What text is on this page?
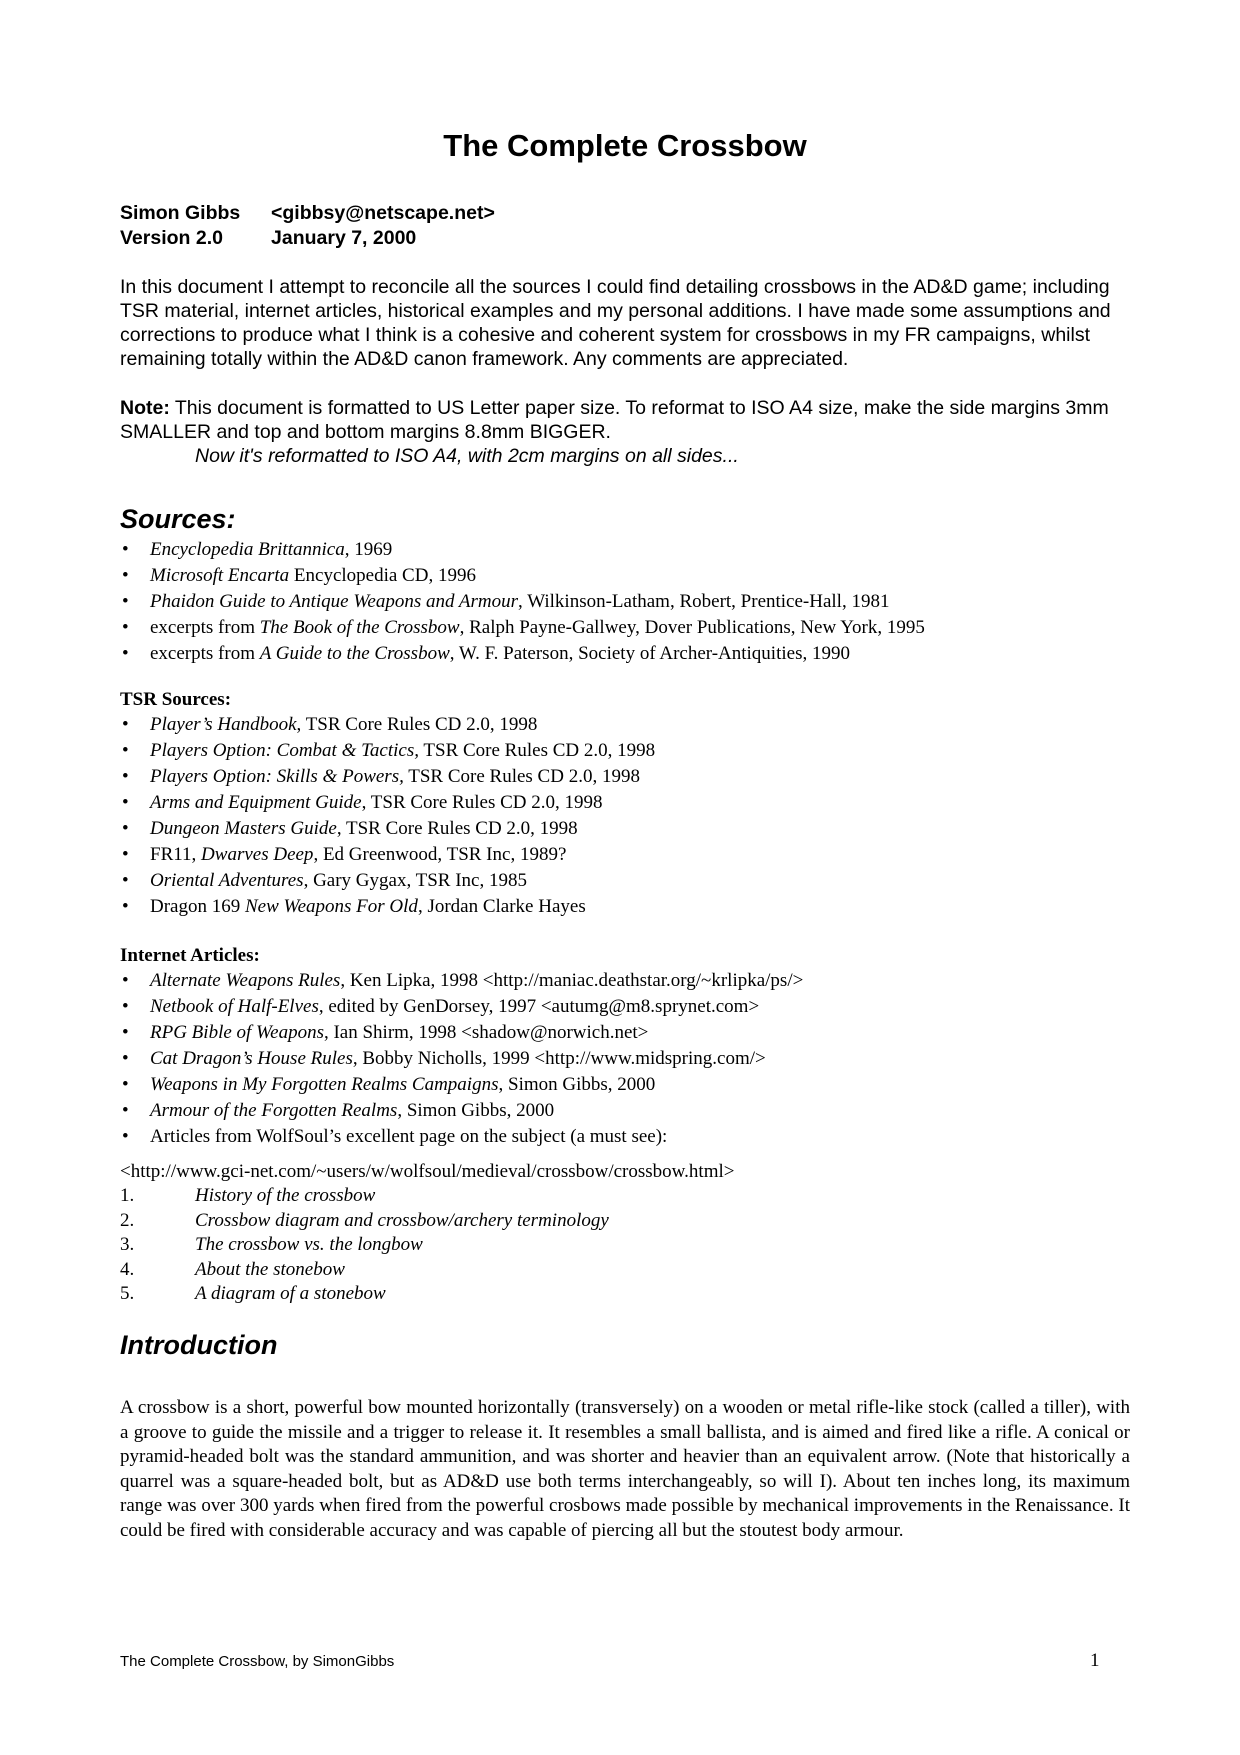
The Complete Crossbow
Simon Gibbs <gibbsy@netscape.net>
Version 2.0 January 7, 2000

In this document I attempt to reconcile all the sources I could find detailing crossbows in the AD&D game; including TSR material, internet articles, historical examples and my personal additions. I have made some assumptions and corrections to produce what I think is a cohesive and coherent system for crossbows in my FR campaigns, whilst remaining totally within the AD&D canon framework. Any comments are appreciated.

Note: This document is formatted to US Letter paper size. To reformat to ISO A4 size, make the side margins 3mm SMALLER and top and bottom margins 8.8mm BIGGER.
Now it's reformatted to ISO A4, with 2cm margins on all sides...

Sources:
• Encyclopedia Brittannica, 1969
• Microsoft Encarta Encyclopedia CD, 1996
• Phaidon Guide to Antique Weapons and Armour, Wilkinson-Latham, Robert, Prentice-Hall, 1981
• excerpts from The Book of the Crossbow, Ralph Payne-Gallwey, Dover Publications, New York, 1995
• excerpts from A Guide to the Crossbow, W. F. Paterson, Society of Archer-Antiquities, 1990
TSR Sources:
• Player’s Handbook, TSR Core Rules CD 2.0, 1998
• Players Option: Combat & Tactics, TSR Core Rules CD 2.0, 1998
• Players Option: Skills & Powers, TSR Core Rules CD 2.0, 1998
• Arms and Equipment Guide, TSR Core Rules CD 2.0, 1998
• Dungeon Masters Guide, TSR Core Rules CD 2.0, 1998
• FR11, Dwarves Deep, Ed Greenwood, TSR Inc, 1989?
• Oriental Adventures, Gary Gygax, TSR Inc, 1985
• Dragon 169 New Weapons For Old, Jordan Clarke Hayes
Internet Articles:
• Alternate Weapons Rules, Ken Lipka, 1998 <http://maniac.deathstar.org/~krlipka/ps/>
• Netbook of Half-Elves, edited by GenDorsey, 1997 <autumg@m8.sprynet.com>
• RPG Bible of Weapons, Ian Shirm, 1998 <shadow@norwich.net>
• Cat Dragon’s House Rules, Bobby Nicholls, 1999 <http://www.midspring.com/>
• Weapons in My Forgotten Realms Campaigns, Simon Gibbs, 2000
• Armour of the Forgotten Realms, Simon Gibbs, 2000
• Articles from WolfSoul’s excellent page on the subject (a must see):
<http://www.gci-net.com/~users/w/wolfsoul/medieval/crossbow/crossbow.html>
1.	History of the crossbow
2.	Crossbow diagram and crossbow/archery terminology
3.	The crossbow vs. the longbow
4.	About the stonebow
5.	A diagram of a stonebow
Introduction

A crossbow is a short, powerful bow mounted horizontally (transversely) on a wooden or metal rifle-like stock (called a tiller), with a groove to guide the missile and a trigger to release it. It resembles a small ballista, and is aimed and fired like a rifle. A conical or pyramid-headed bolt was the standard ammunition, and was shorter and heavier than an equivalent arrow. (Note that historically a quarrel was a square-headed bolt, but as AD&D use both terms interchangeably, so will I). About ten inches long, its maximum range was over 300 yards when fired from the powerful crosbows made possible by mechanical improvements in the Renaissance. It could be fired with considerable accuracy and was capable of piercing all but the stoutest body armour.

The Complete Crossbow, by SimonGibbs	1
